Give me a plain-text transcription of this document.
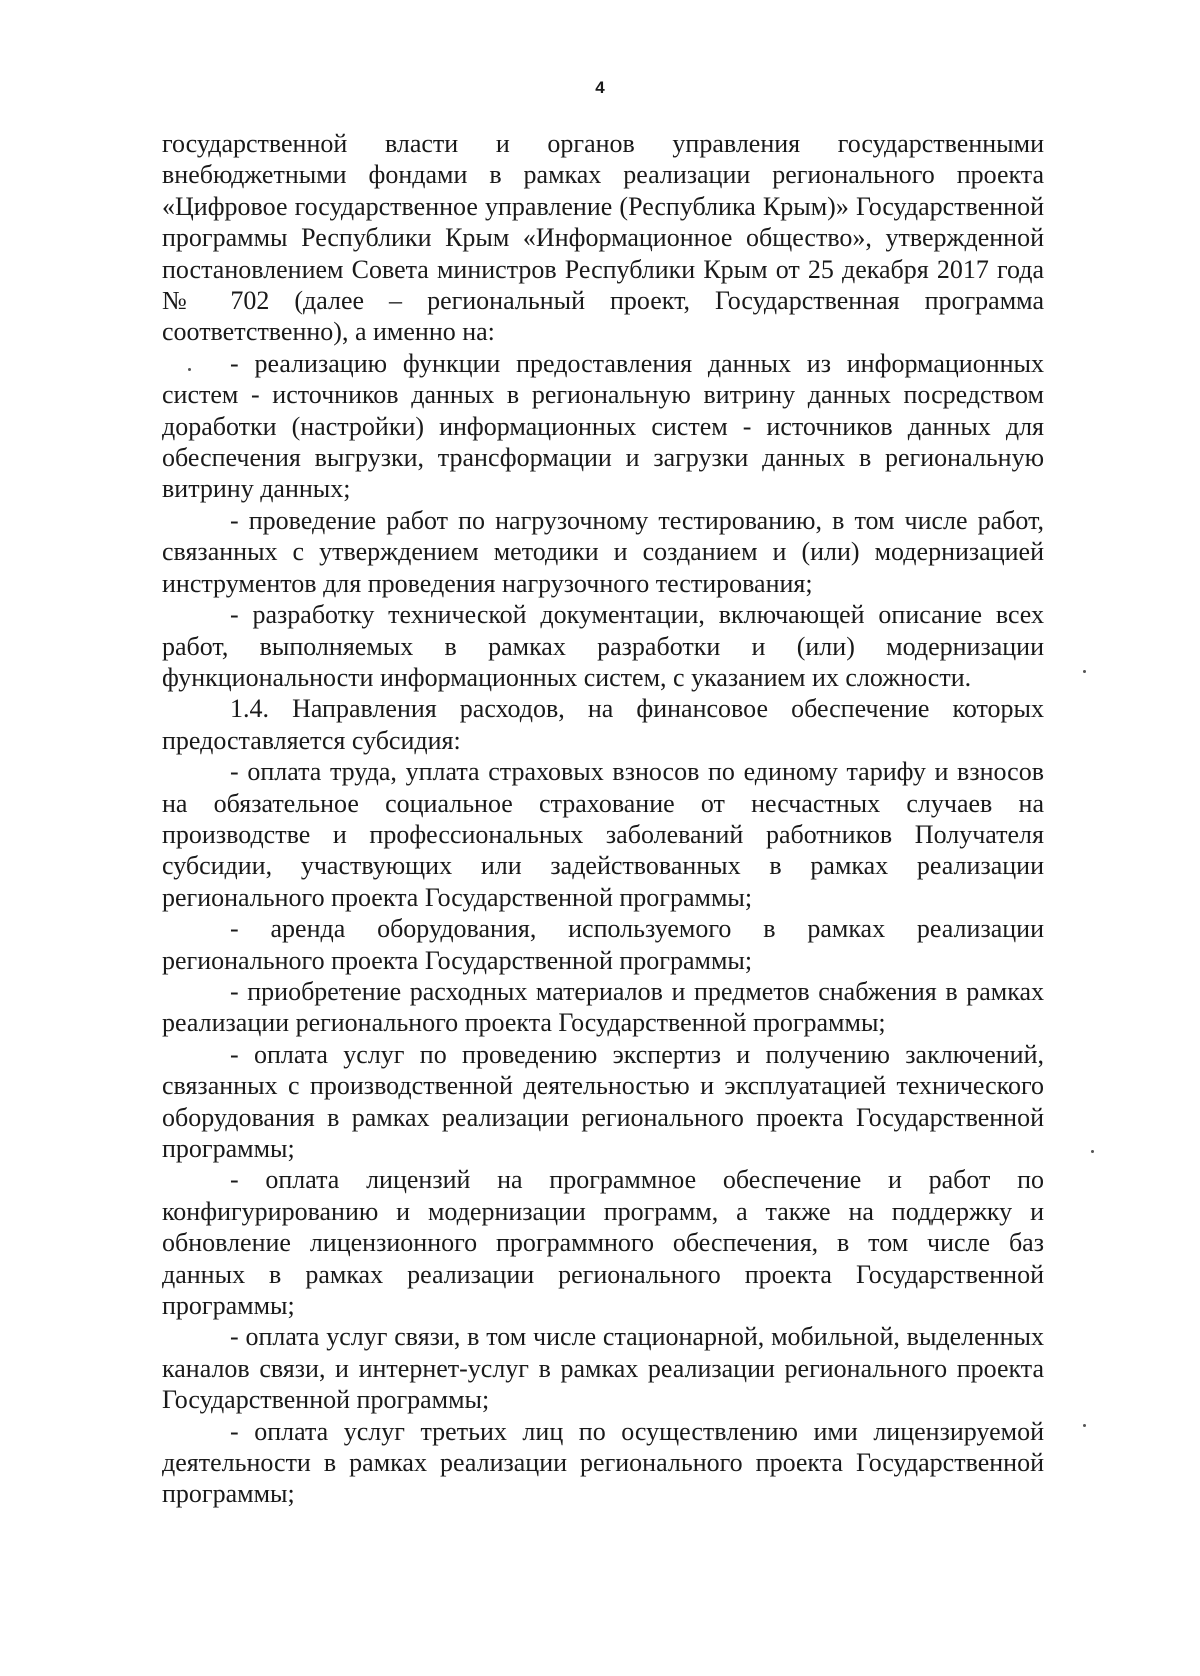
4

государственной власти и органов управления государственными внебюджетными фондами в рамках реализации регионального проекта «Цифровое государственное управление (Республика Крым)» Государственной программы Республики Крым «Информационное общество», утвержденной постановлением Совета министров Республики Крым от 25 декабря 2017 года № 702 (далее – региональный проект, Государственная программа соответственно), а именно на:

- реализацию функции предоставления данных из информационных систем - источников данных в региональную витрину данных посредством доработки (настройки) информационных систем - источников данных для обеспечения выгрузки, трансформации и загрузки данных в региональную витрину данных;

- проведение работ по нагрузочному тестированию, в том числе работ, связанных с утверждением методики и созданием и (или) модернизацией инструментов для проведения нагрузочного тестирования;

- разработку технической документации, включающей описание всех работ, выполняемых в рамках разработки и (или) модернизации функциональности информационных систем, с указанием их сложности.

1.4. Направления расходов, на финансовое обеспечение которых предоставляется субсидия:

- оплата труда, уплата страховых взносов по единому тарифу и взносов на обязательное социальное страхование от несчастных случаев на производстве и профессиональных заболеваний работников Получателя субсидии, участвующих или задействованных в рамках реализации регионального проекта Государственной программы;

- аренда оборудования, используемого в рамках реализации регионального проекта Государственной программы;

- приобретение расходных материалов и предметов снабжения в рамках реализации регионального проекта Государственной программы;

- оплата услуг по проведению экспертиз и получению заключений, связанных с производственной деятельностью и эксплуатацией технического оборудования в рамках реализации регионального проекта Государственной программы;

- оплата лицензий на программное обеспечение и работ по конфигурированию и модернизации программ, а также на поддержку и обновление лицензионного программного обеспечения, в том числе баз данных в рамках реализации регионального проекта Государственной программы;

- оплата услуг связи, в том числе стационарной, мобильной, выделенных каналов связи, и интернет-услуг в рамках реализации регионального проекта Государственной программы;

- оплата услуг третьих лиц по осуществлению ими лицензируемой деятельности в рамках реализации регионального проекта Государственной программы;
